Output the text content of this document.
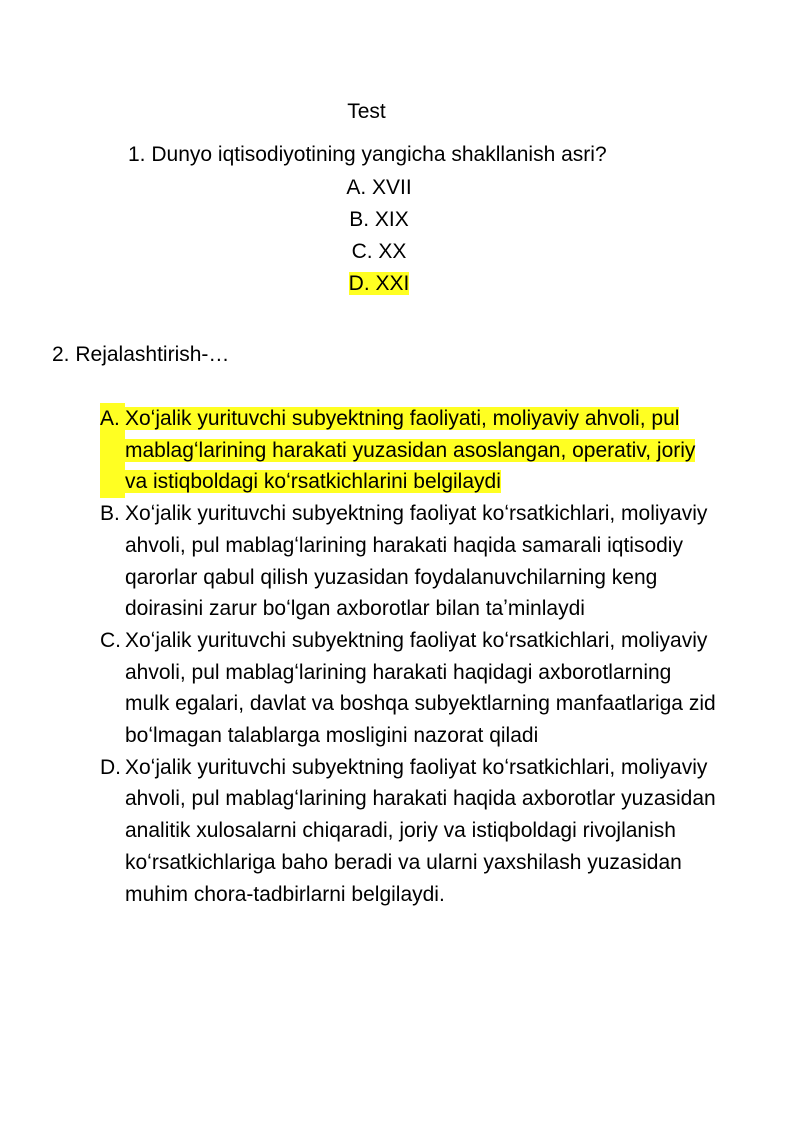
Test
1. Dunyo iqtisodiyotining yangicha shakllanish asri?
A. XVII
B. XIX
C. XX
D. XXI
2. Rejalashtirish-…
A. Xoʻjalik yurituvchi subyektning faoliyati, moliyaviy ahvoli, pul mablagʻlarining harakati yuzasidan asoslangan, operativ, joriy va istiqboldagi koʻrsatkichlarini belgilaydi
B. Xoʻjalik yurituvchi subyektning faoliyat koʻrsatkichlari, moliyaviy ahvoli, pul mablagʻlarining harakati haqida samarali iqtisodiy qarorlar qabul qilish yuzasidan foydalanuvchilarning keng doirasini zarur boʻlgan axborotlar bilan taʼminlaydi
C. Xoʻjalik yurituvchi subyektning faoliyat koʻrsatkichlari, moliyaviy ahvoli, pul mablagʻlarining harakati haqidagi axborotlarning mulk egalari, davlat va boshqa subyektlarning manfaatlariga zid boʻlmagan talablarga mosligini nazorat qiladi
D. Xoʻjalik yurituvchi subyektning faoliyat koʻrsatkichlari, moliyaviy ahvoli, pul mablagʻlarining harakati haqida axborotlar yuzasidan analitik xulosalarni chiqaradi, joriy va istiqboldagi rivojlanish koʻrsatkichlariga baho beradi va ularni yaxshilash yuzasidan muhim chora-tadbirlarni belgilaydi.
